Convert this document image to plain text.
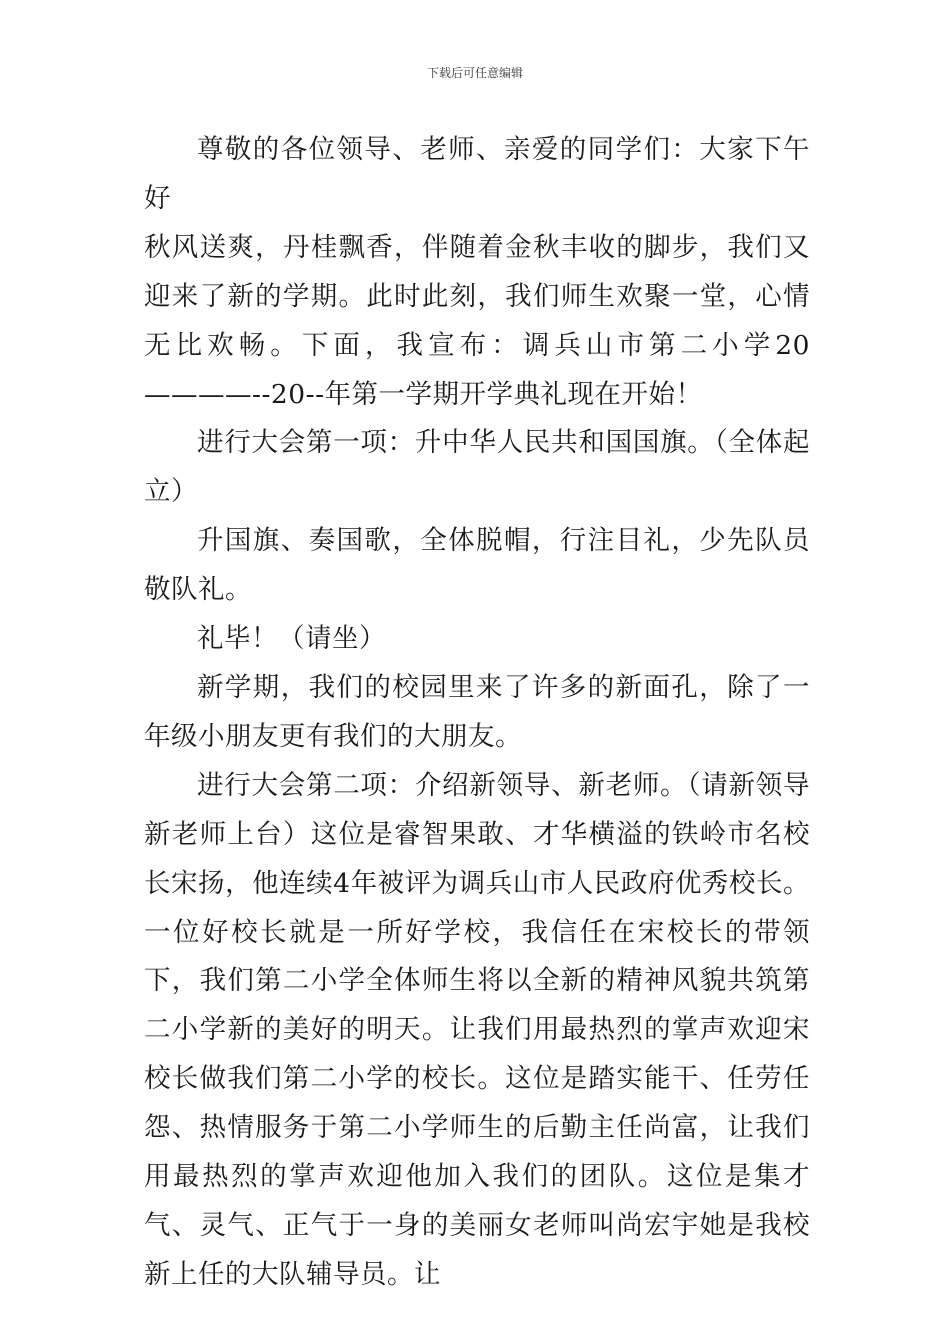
下载后可任意编辑

尊敬的各位领导、老师、亲爱的同学们：大家下午好

秋风送爽，丹桂飘香，伴随着金秋丰收的脚步，我们又迎来了新的学期。此时此刻，我们师生欢聚一堂，心情无比欢畅。下面，我宣布：调兵山市第二小学20————--20--年第一学期开学典礼现在开始！

进行大会第一项：升中华人民共和国国旗。（全体起立）

升国旗、奏国歌，全体脱帽，行注目礼，少先队员敬队礼。

礼毕！（请坐）

新学期，我们的校园里来了许多的新面孔，除了一年级小朋友更有我们的大朋友。

进行大会第二项：介绍新领导、新老师。（请新领导新老师上台）这位是睿智果敢、才华横溢的铁岭市名校长宋扬，他连续4年被评为调兵山市人民政府优秀校长。一位好校长就是一所好学校，我信任在宋校长的带领下，我们第二小学全体师生将以全新的精神风貌共筑第二小学新的美好的明天。让我们用最热烈的掌声欢迎宋校长做我们第二小学的校长。这位是踏实能干、任劳任怨、热情服务于第二小学师生的后勤主任尚富，让我们用最热烈的掌声欢迎他加入我们的团队。这位是集才气、灵气、正气于一身的美丽女老师叫尚宏宇她是我校新上任的大队辅导员。让
